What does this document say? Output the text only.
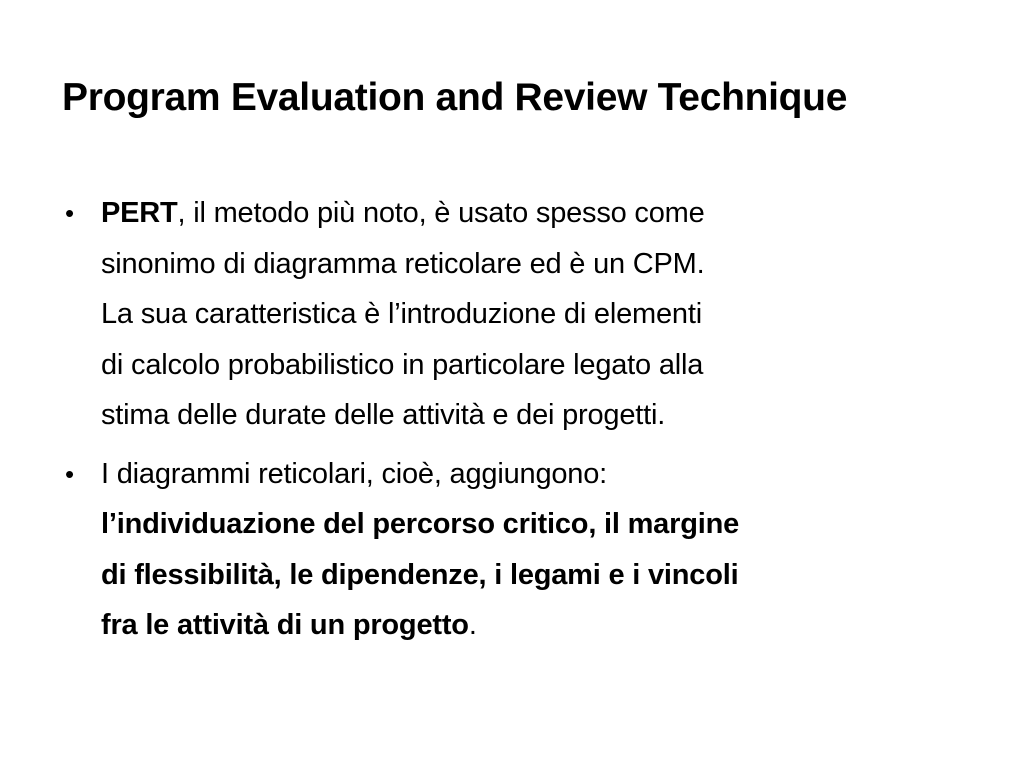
Program Evaluation and Review Technique
• PERT, il metodo più noto, è usato spesso come
sinonimo di diagramma reticolare ed è un CPM.
La sua caratteristica è l’introduzione di elementi
di calcolo probabilistico in particolare legato alla
stima delle durate delle attività e dei progetti.
• I diagrammi reticolari, cioè, aggiungono:
l’individuazione del percorso critico, il margine
di flessibilità, le dipendenze, i legami e i vincoli
fra le attività di un progetto.
